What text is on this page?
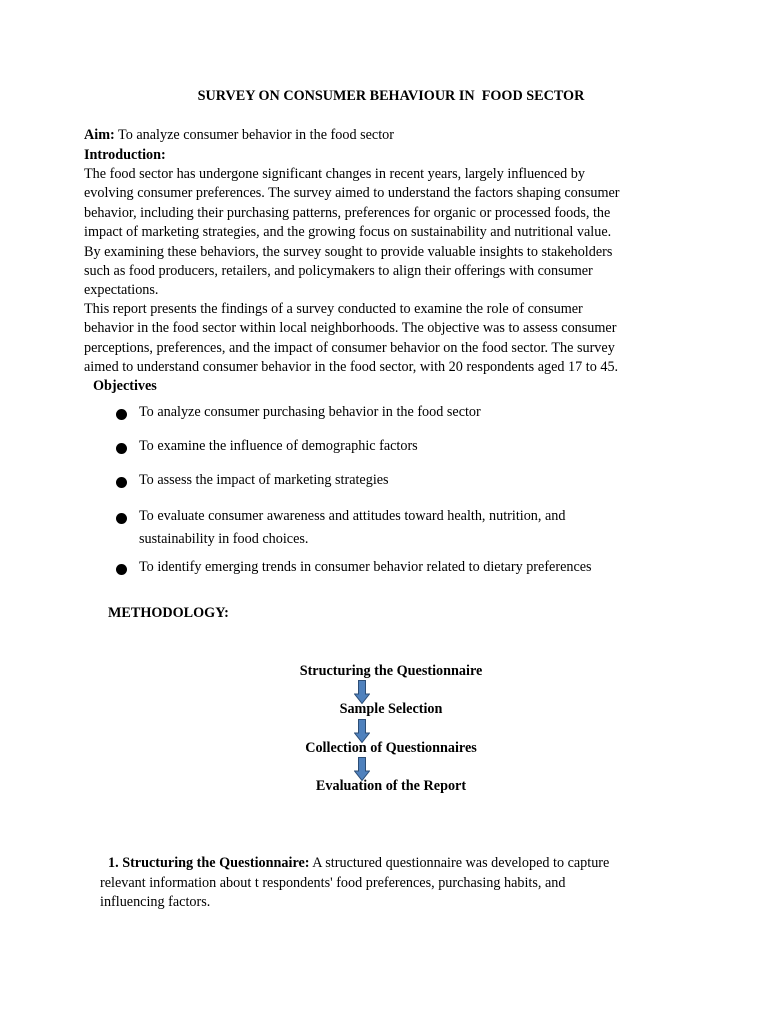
SURVEY ON CONSUMER BEHAVIOUR IN  FOOD SECTOR
Aim: To analyze consumer behavior in the food sector
Introduction:
The food sector has undergone significant changes in recent years, largely influenced by
evolving consumer preferences. The survey aimed to understand the factors shaping consumer
behavior, including their purchasing patterns, preferences for organic or processed foods, the
impact of marketing strategies, and the growing focus on sustainability and nutritional value.
By examining these behaviors, the survey sought to provide valuable insights to stakeholders
such as food producers, retailers, and policymakers to align their offerings with consumer
expectations.
This report presents the findings of a survey conducted to examine the role of consumer
behavior in the food sector within local neighborhoods. The objective was to assess consumer
perceptions, preferences, and the impact of consumer behavior on the food sector. The survey
aimed to understand consumer behavior in the food sector, with 20 respondents aged 17 to 45.
Objectives
To analyze consumer purchasing behavior in the food sector
To examine the influence of demographic factors
To assess the impact of marketing strategies
To evaluate consumer awareness and attitudes toward health, nutrition, and
sustainability in food choices.
To identify emerging trends in consumer behavior related to dietary preferences
METHODOLOGY:
Structuring the Questionnaire
Sample Selection
Collection of Questionnaires
Evaluation of the Report
1. Structuring the Questionnaire: A structured questionnaire was developed to capture
relevant information about t respondents' food preferences, purchasing habits, and
influencing factors.
